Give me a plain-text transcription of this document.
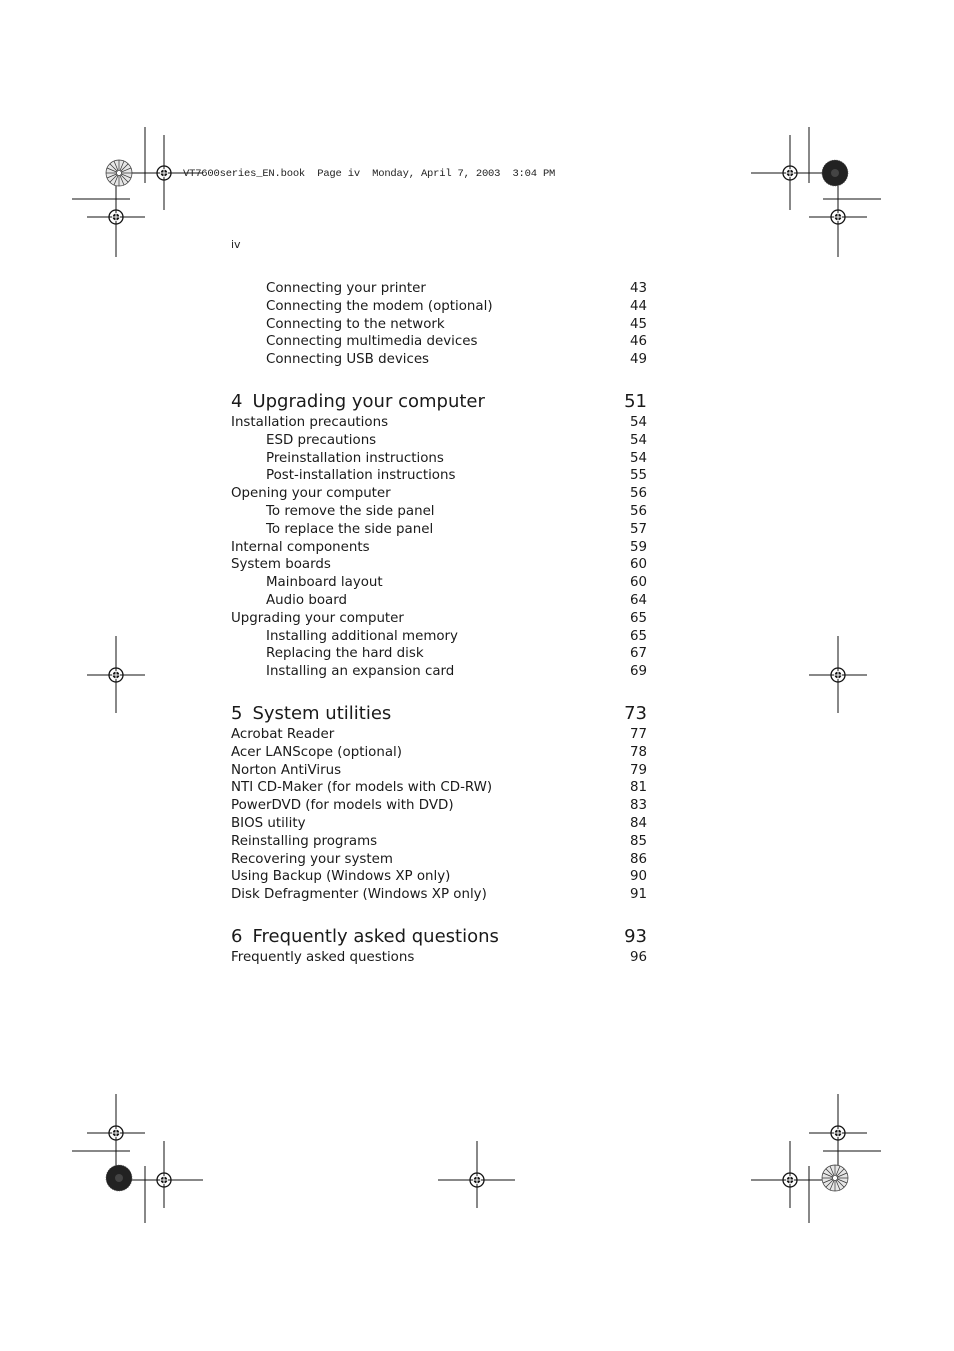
VT7600series_EN.book  Page iv  Monday, April 7, 2003  3:04 PM
iv
Connecting your printer	43
Connecting the modem (optional)	44
Connecting to the network	45
Connecting multimedia devices	46
Connecting USB devices	49
4 Upgrading your computer	51
Installation precautions	54
ESD precautions	54
Preinstallation instructions	54
Post-installation instructions	55
Opening your computer	56
To remove the side panel	56
To replace the side panel	57
Internal components	59
System boards	60
Mainboard layout	60
Audio board	64
Upgrading your computer	65
Installing additional memory	65
Replacing the hard disk	67
Installing an expansion card	69
5 System utilities	73
Acrobat Reader	77
Acer LANScope (optional)	78
Norton AntiVirus	79
NTI CD-Maker (for models with CD-RW)	81
PowerDVD (for models with DVD)	83
BIOS utility	84
Reinstalling programs	85
Recovering your system	86
Using Backup (Windows XP only)	90
Disk Defragmenter (Windows XP only)	91
6 Frequently asked questions	93
Frequently asked questions	96
